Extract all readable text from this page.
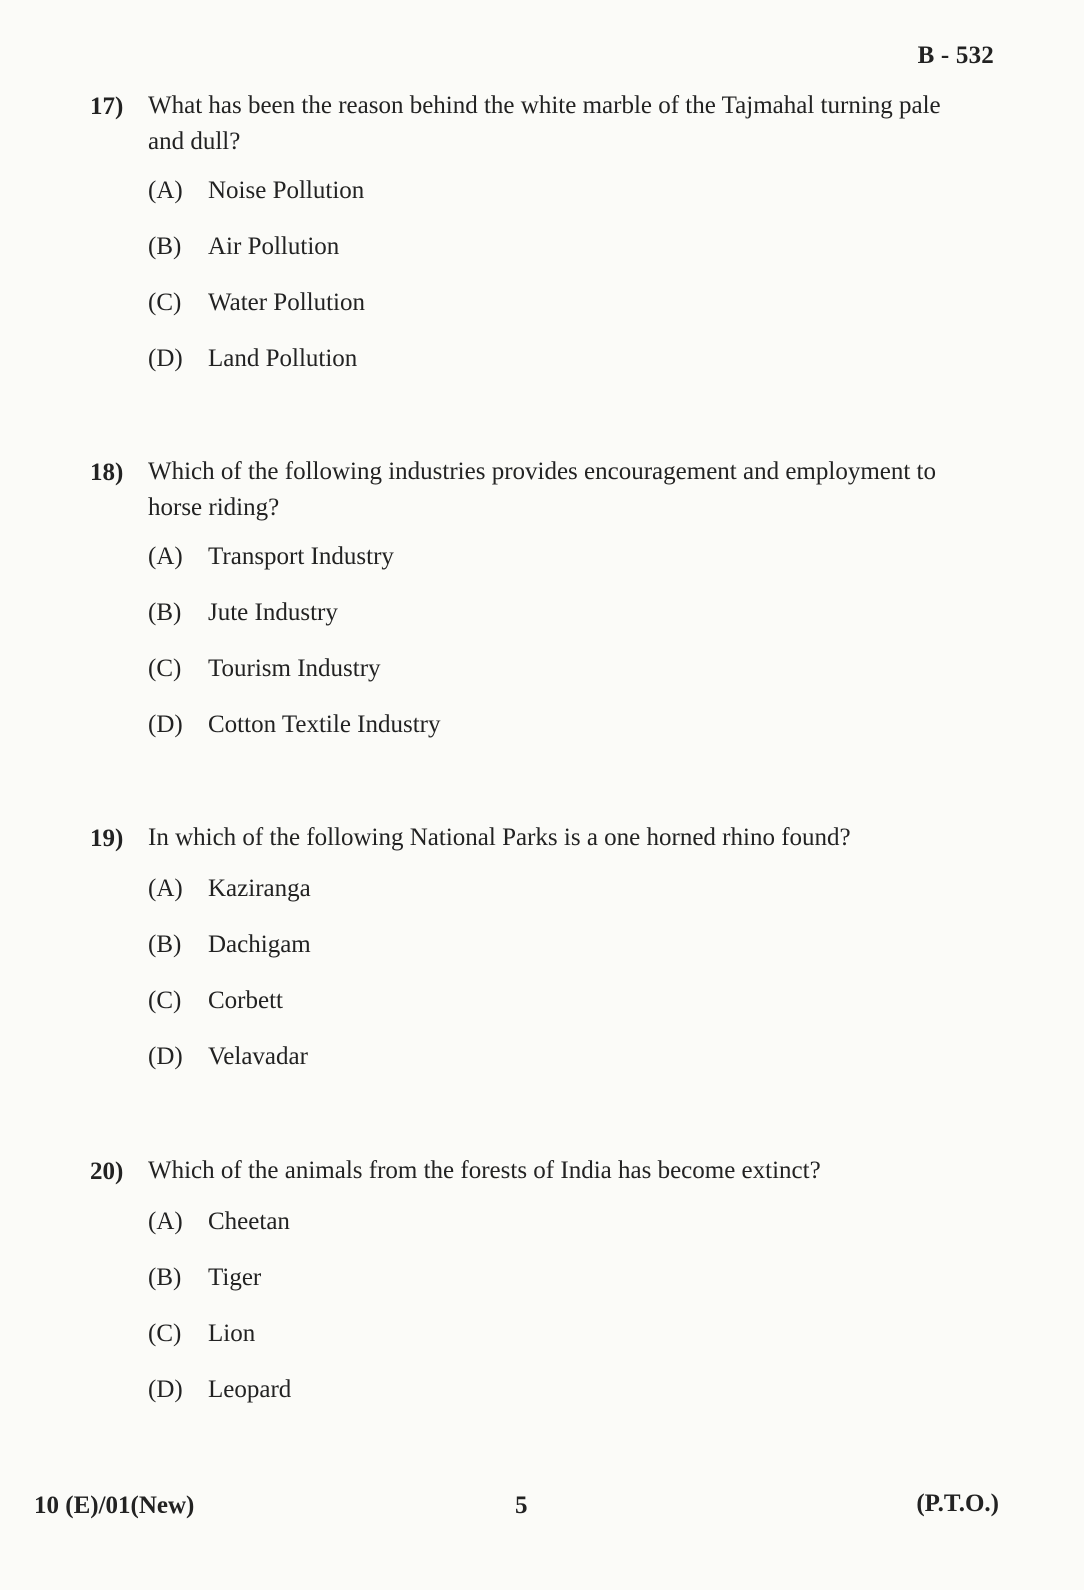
B - 532
17) What has been the reason behind the white marble of the Tajmahal turning pale and dull?
(A)	Noise Pollution
(B)	Air Pollution
(C)	Water Pollution
(D)	Land Pollution
18) Which of the following industries provides encouragement and employment to horse riding?
(A)	Transport Industry
(B)	Jute Industry
(C)	Tourism Industry
(D)	Cotton Textile Industry
19) In which of the following National Parks is a one horned rhino found?
(A)	Kaziranga
(B)	Dachigam
(C)	Corbett
(D)	Velavadar
20) Which of the animals from the forests of India has become extinct?
(A)	Cheetan
(B)	Tiger
(C)	Lion
(D)	Leopard
10 (E)/01(New)	5	(P.T.O.)
